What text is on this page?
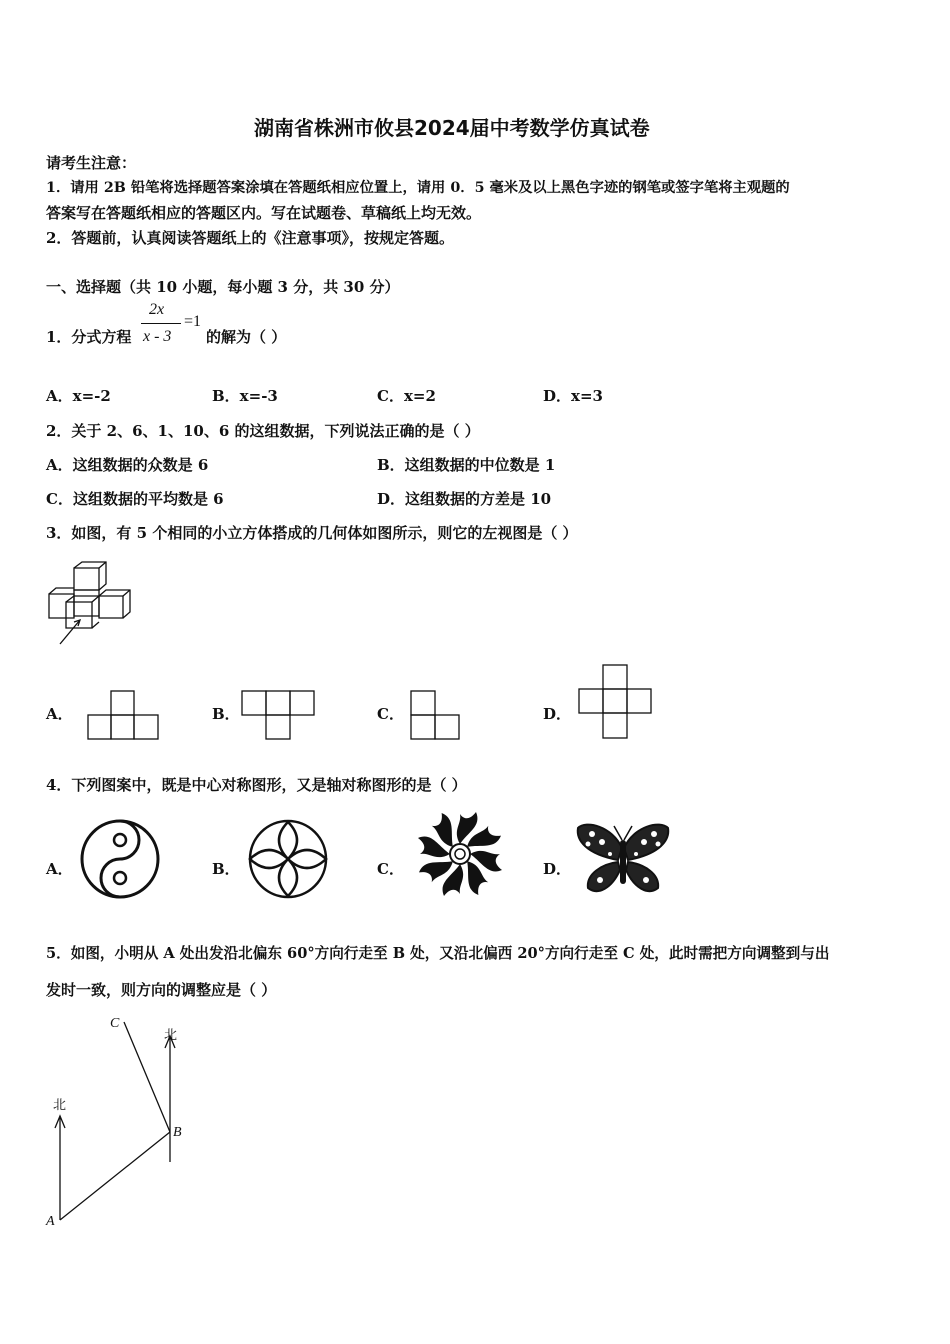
湖南省株洲市攸县2024届中考数学仿真试卷
请考生注意：
1．请用 2B 铅笔将选择题答案涂填在答题纸相应位置上，请用 0．5 毫米及以上黑色字迹的钢笔或签字笔将主观题的
答案写在答题纸相应的答题区内。写在试题卷、草稿纸上均无效。
2．答题前，认真阅读答题纸上的《注意事项》，按规定答题。
一、选择题（共 10 小题，每小题 3 分，共 30 分）
1．分式方程
2x
x - 3
=1
的解为（ ）
A．x=-2	B．x=-3	C．x=2	D．x=3
2．关于 2、6、1、10、6 的这组数据，下列说法正确的是（ ）
A．这组数据的众数是 6	B．这组数据的中位数是 1
C．这组数据的平均数是 6	D．这组数据的方差是 10
3．如图，有 5 个相同的小立方体搭成的几何体如图所示，则它的左视图是（ ）
A．	B．	C．	D．
4．下列图案中，既是中心对称图形，又是轴对称图形的是（ ）
A．	B．	C．	D．
5．如图，小明从 A 处出发沿北偏东 60°方向行走至 B 处，又沿北偏西 20°方向行走至 C 处，此时需把方向调整到与出
发时一致，则方向的调整应是（ ）
A
B
C
北
北
